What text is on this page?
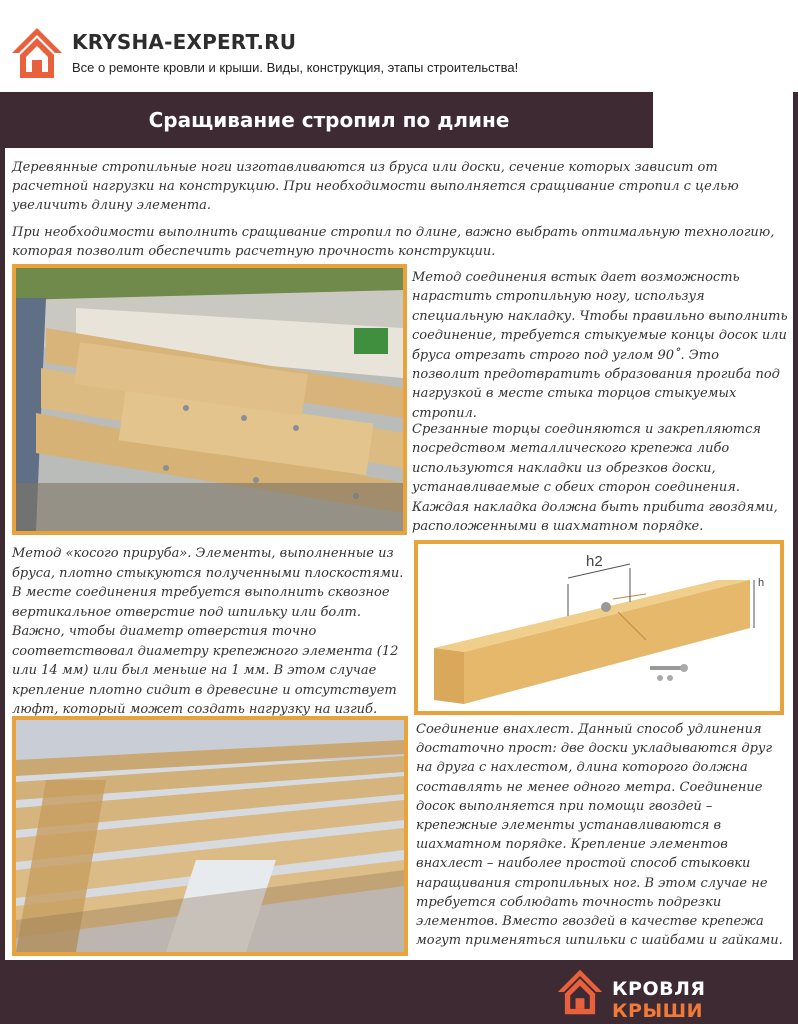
KRYSHA-EXPERT.RU
Все о ремонте кровли и крыши. Виды, конструкция, этапы строительства!
Сращивание стропил по длине

Деревянные стропильные ноги изготавливаются из бруса или доски, сечение которых зависит от расчетной нагрузки на конструкцию. При необходимости выполняется сращивание стропил с целью увеличить длину элемента.

При необходимости выполнить сращивание стропил по длине, важно выбрать оптимальную технологию, которая позволит обеспечить расчетную прочность конструкции.

Метод соединения встык дает возможность нарастить стропильную ногу, используя специальную накладку. Чтобы правильно выполнить соединение, требуется стыкуемые концы досок или бруса отрезать строго под углом 90˚. Это позволит предотвратить образования прогиба под нагрузкой в месте стыка торцов стыкуемых стропил.

Срезанные торцы соединяются и закрепляются посредством металлического крепежа либо используются накладки из обрезков доски, устанавливаемые с обеих сторон соединения. Каждая накладка должна быть прибита гвоздями, расположенными в шахматном порядке.

Метод «косого прируба». Элементы, выполненные из бруса, плотно стыкуются полученными плоскостями. В месте соединения требуется выполнить сквозное вертикальное отверстие под шпильку или болт. Важно, чтобы диаметр отверстия точно соответствовал диаметру крепежного элемента (12 или 14 мм) или был меньше на 1 мм. В этом случае крепление плотно сидит в древесине и отсутствует люфт, который может создать нагрузку на изгиб.

h2
h

Соединение внахлест. Данный способ удлинения достаточно прост: две доски укладываются друг на друга с нахлестом, длина которого должна составлять не менее одного метра. Соединение досок выполняется при помощи гвоздей – крепежные элементы устанавливаются в шахматном порядке. Крепление элементов внахлест – наиболее простой способ стыковки наращивания стропильных ног. В этом случае не требуется соблюдать точность подрезки элементов. Вместо гвоздей в качестве крепежа могут применяться шпильки с шайбами и гайками.

КРОВЛЯ КРЫШИ
